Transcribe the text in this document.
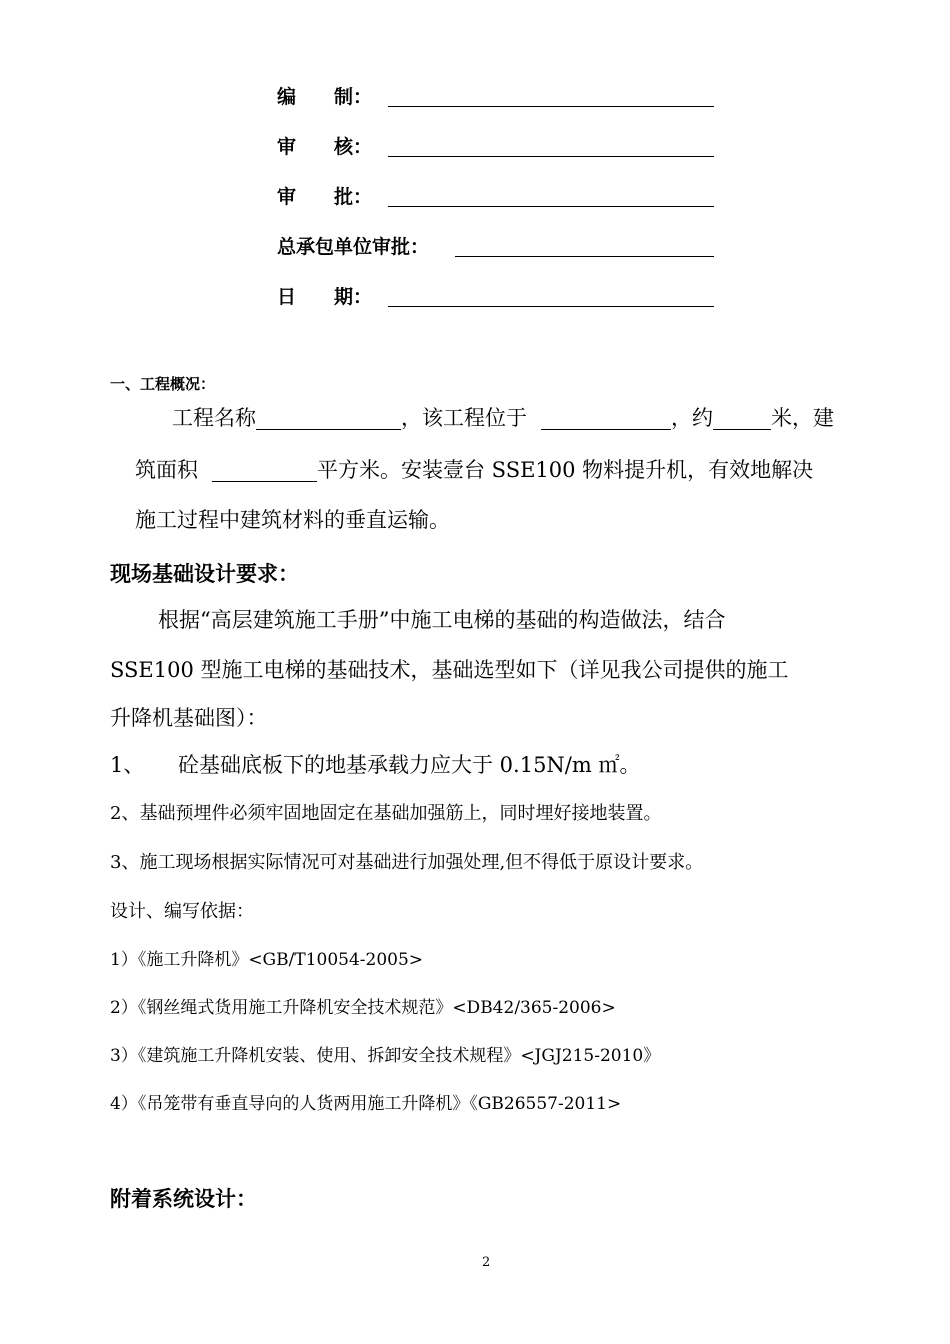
编　　制：
审　　核：
审　　批：
总承包单位审批：
日　　期：
一、工程概况：
工程名称	，该工程位于	，约	米，建
筑面积	平方米。安装壹台 SSE100 物料提升机，有效地解决
施工过程中建筑材料的垂直运输。
现场基础设计要求：
根据“高层建筑施工手册”中施工电梯的基础的构造做法，结合
SSE100 型施工电梯的基础技术，基础选型如下（详见我公司提供的施工
升降机基础图）：
1、 砼基础底板下的地基承载力应大于 0.15N/m ㎡。
2、基础预埋件必须牢固地固定在基础加强筋上，同时埋好接地装置。
3、施工现场根据实际情况可对基础进行加强处理,但不得低于原设计要求。
设计、编写依据：
1）《施工升降机》<GB/T10054-2005>
2）《钢丝绳式货用施工升降机安全技术规范》<DB42/365-2006>
3）《建筑施工升降机安装、使用、拆卸安全技术规程》<JGJ215-2010》
4）《吊笼带有垂直导向的人货两用施工升降机》《GB26557-2011>
附着系统设计：
2
